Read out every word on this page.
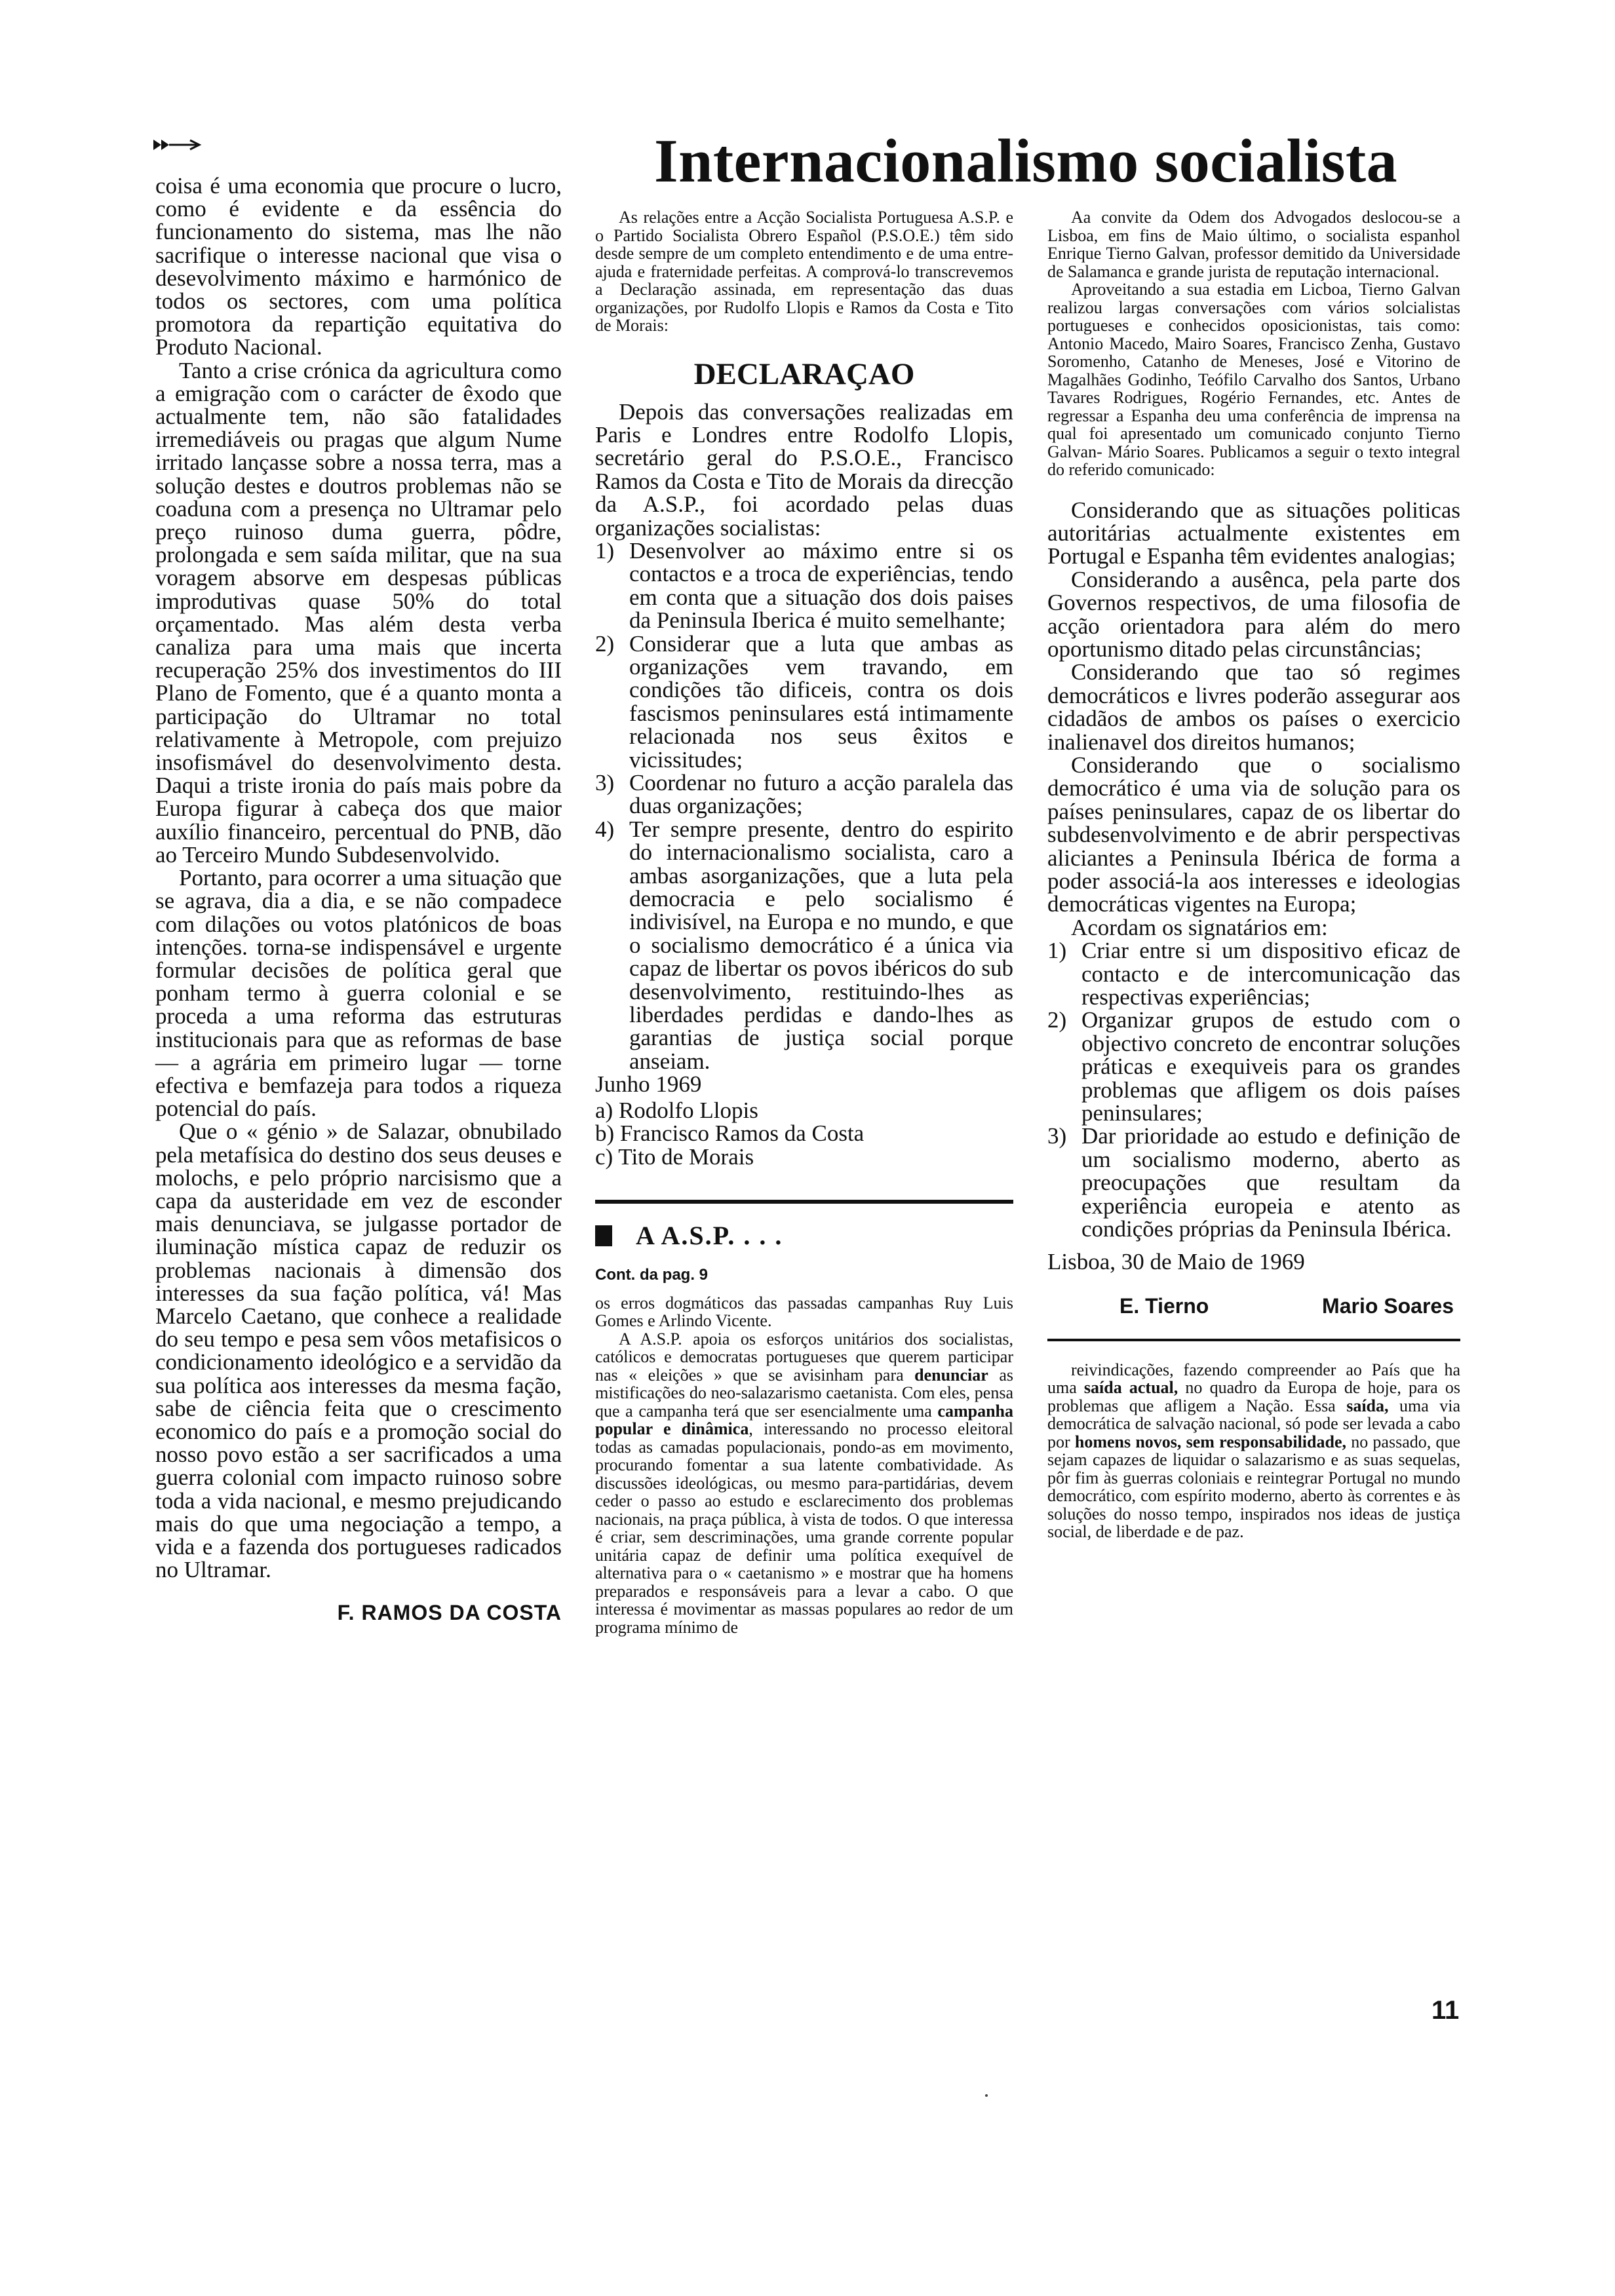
Internacionalismo socialista

coisa é uma economia que procure o lucro, como é evidente e da essência do funcionamento do sistema, mas lhe não sacrifique o interesse nacional que visa o desevolvimento máximo e harmónico de todos os sectores, com uma política promotora da repartição equitativa do Produto Nacional.

Tanto a crise crónica da agricultura como a emigração com o carácter de êxodo que actualmente tem, não são fatalidades irremediáveis ou pragas que algum Nume irritado lançasse sobre a nossa terra, mas a solução destes e doutros problemas não se coaduna com a presença no Ultramar pelo preço ruinoso duma guerra, pôdre, prolongada e sem saída militar, que na sua voragem absorve em despesas públicas improdutivas quase 50% do total orçamentado. Mas além desta verba canaliza para uma mais que incerta recuperação 25% dos investimentos do III Plano de Fomento, que é a quanto monta a participação do Ultramar no total relativamente à Metropole, com prejuizo insofismável do desenvolvimento desta. Daqui a triste ironia do país mais pobre da Europa figurar à cabeça dos que maior auxílio financeiro, percentual do PNB, dão ao Terceiro Mundo Subdesenvolvido.

Portanto, para ocorrer a uma situação que se agrava, dia a dia, e se não compadece com dilações ou votos platónicos de boas intenções. torna-se indispensável e urgente formular decisões de política geral que ponham termo à guerra colonial e se proceda a uma reforma das estruturas institucionais para que as reformas de base — a agrária em primeiro lugar — torne efectiva e bemfazeja para todos a riqueza potencial do país.

Que o « génio » de Salazar, obnubilado pela metafísica do destino dos seus deuses e molochs, e pelo próprio narcisismo que a capa da austeridade em vez de esconder mais denunciava, se julgasse portador de iluminação mística capaz de reduzir os problemas nacionais à dimensão dos interesses da sua fação política, vá! Mas Marcelo Caetano, que conhece a realidade do seu tempo e pesa sem vôos metafisicos o condicionamento ideológico e a servidão da sua política aos interesses da mesma fação, sabe de ciência feita que o crescimento economico do país e a promoção social do nosso povo estão a ser sacrificados a uma guerra colonial com impacto ruinoso sobre toda a vida nacional, e mesmo prejudicando mais do que uma negociação a tempo, a vida e a fazenda dos portugueses radicados no Ultramar.

F. RAMOS DA COSTA

As relações entre a Acção Socialista Portuguesa A.S.P. e o Partido Socialista Obrero Español (P.S.O.E.) têm sido desde sempre de um completo entendimento e de uma entre-ajuda e fraternidade perfeitas. A comprová-lo transcrevemos a Declaração assinada, em representação das duas organizações, por Rudolfo Llopis e Ramos da Costa e Tito de Morais:

DECLARAÇAO

Depois das conversações realizadas em Paris e Londres entre Rodolfo Llopis, secretário geral do P.S.O.E., Francisco Ramos da Costa e Tito de Morais da direcção da A.S.P., foi acordado pelas duas organizações socialistas:

1) Desenvolver ao máximo entre si os contactos e a troca de experiências, tendo em conta que a situação dos dois paises da Peninsula Iberica é muito semelhante;
2) Considerar que a luta que ambas as organizações vem travando, em condições tão dificeis, contra os dois fascismos peninsulares está intimamente relacionada nos seus êxitos e vicissitudes;
3) Coordenar no futuro a acção paralela das duas organizações;
4) Ter sempre presente, dentro do espirito do internacionalismo socialista, caro a ambas asorganizações, que a luta pela democracia e pelo socialismo é indivisível, na Europa e no mundo, e que o socialismo democrático é a única via capaz de libertar os povos ibéricos do sub desenvolvimento, restituindo-lhes as liberdades perdidas e dando-lhes as garantias de justiça social porque anseiam.

Junho 1969

a) Rodolfo Llopis
b) Francisco Ramos da Costa
c) Tito de Morais
A A.S.P. . . .
Cont. da pag. 9

os erros dogmáticos das passadas campanhas Ruy Luis Gomes e Arlindo Vicente.

A A.S.P. apoia os esforços unitários dos socialistas, católicos e democratas portugueses que querem participar nas « eleições » que se avisinham para denunciar as mistificações do neo-salazarismo caetanista. Com eles, pensa que a campanha terá que ser esencialmente uma campanha popular e dinâmica, interessando no processo eleitoral todas as camadas populacionais, pondo-as em movimento, procurando fomentar a sua latente combatividade. As discussões ideológicas, ou mesmo para-partidárias, devem ceder o passo ao estudo e esclarecimento dos problemas nacionais, na praça pública, à vista de todos. O que interessa é criar, sem descriminações, uma grande corrente popular unitária capaz de definir uma política exequível de alternativa para o « caetanismo » e mostrar que ha homens preparados e responsáveis para a levar a cabo. O que interessa é movimentar as massas populares ao redor de um programa mínimo de

Aa convite da Odem dos Advogados deslocou-se a Lisboa, em fins de Maio último, o socialista espanhol Enrique Tierno Galvan, professor demitido da Universidade de Salamanca e grande jurista de reputação internacional.

Aproveitando a sua estadia em Licboa, Tierno Galvan realizou largas conversações com vários solcialistas portugueses e conhecidos oposicionistas, tais como: Antonio Macedo, Mairo Soares, Francisco Zenha, Gustavo Soromenho, Catanho de Meneses, José e Vitorino de Magalhães Godinho, Teófilo Carvalho dos Santos, Urbano Tavares Rodrigues, Rogério Fernandes, etc. Antes de regressar a Espanha deu uma conferência de imprensa na qual foi apresentado um comunicado conjunto Tierno Galvan- Mário Soares. Publicamos a seguir o texto integral do referido comunicado:

Considerando que as situações politicas autoritárias actualmente existentes em Portugal e Espanha têm evidentes analogias;

Considerando a ausênca, pela parte dos Governos respectivos, de uma filosofia de acção orientadora para além do mero oportunismo ditado pelas circunstâncias;

Considerando que tao só regimes democráticos e livres poderão assegurar aos cidadãos de ambos os países o exercicio inalienavel dos direitos humanos;

Considerando que o socialismo democrático é uma via de solução para os países peninsulares, capaz de os libertar do subdesenvolvimento e de abrir perspectivas aliciantes a Peninsula Ibérica de forma a poder associá-la aos interesses e ideologias democráticas vigentes na Europa;

Acordam os signatários em:

1) Criar entre si um dispositivo eficaz de contacto e de intercomunicação das respectivas experiências;
2) Organizar grupos de estudo com o objectivo concreto de encontrar soluções práticas e exequiveis para os grandes problemas que afligem os dois países peninsulares;
3) Dar prioridade ao estudo e definição de um socialismo moderno, aberto as preocupações que resultam da experiência europeia e atento as condições próprias da Peninsula Ibérica.

Lisboa, 30 de Maio de 1969

E. Tierno	Mario Soares

reivindicações, fazendo compreender ao País que ha uma saída actual, no quadro da Europa de hoje, para os problemas que afligem a Nação. Essa saída, uma via democrática de salvação nacional, só pode ser levada a cabo por homens novos, sem responsabilidade, no passado, que sejam capazes de liquidar o salazarismo e as suas sequelas, pôr fim às guerras coloniais e reintegrar Portugal no mundo democrático, com espírito moderno, aberto às correntes e às soluções do nosso tempo, inspirados nos ideas de justiça social, de liberdade e de paz.

11
